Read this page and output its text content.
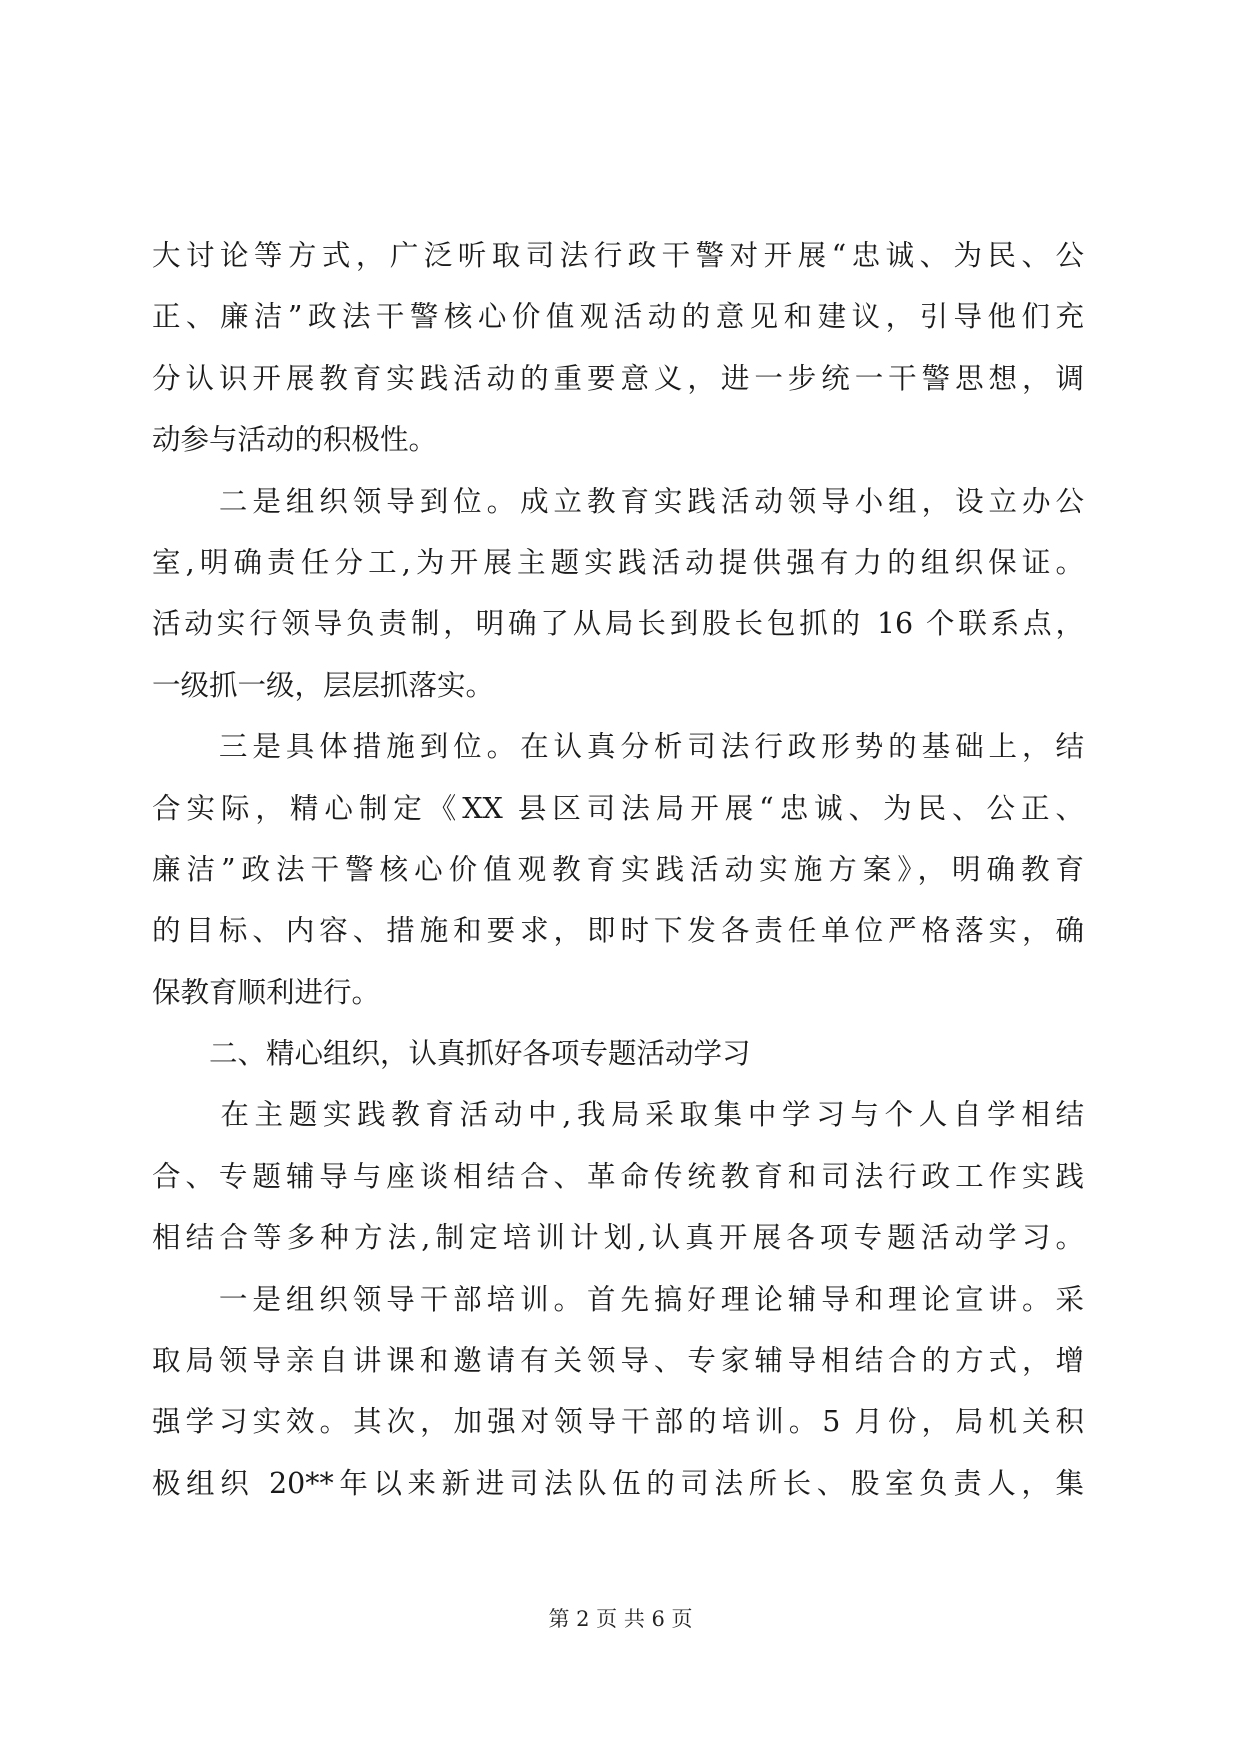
大讨论等方式，广泛听取司法行政干警对开展“忠诚、为民、公
正、廉洁”政法干警核心价值观活动的意见和建议，引导他们充
分认识开展教育实践活动的重要意义，进一步统一干警思想，调
动参与活动的积极性。
　　二是组织领导到位。成立教育实践活动领导小组，设立办公
室,明确责任分工,为开展主题实践活动提供强有力的组织保证。
活动实行领导负责制，明确了从局长到股长包抓的 16 个联系点，
一级抓一级，层层抓落实。
　　三是具体措施到位。在认真分析司法行政形势的基础上，结
合实际，精心制定《XX 县区司法局开展“忠诚、为民、公正、
廉洁”政法干警核心价值观教育实践活动实施方案》，明确教育
的目标、内容、措施和要求，即时下发各责任单位严格落实，确
保教育顺利进行。
　　二、精心组织，认真抓好各项专题活动学习
　　在主题实践教育活动中,我局采取集中学习与个人自学相结
合、专题辅导与座谈相结合、革命传统教育和司法行政工作实践
相结合等多种方法,制定培训计划,认真开展各项专题活动学习。
　　一是组织领导干部培训。首先搞好理论辅导和理论宣讲。采
取局领导亲自讲课和邀请有关领导、专家辅导相结合的方式，增
强学习实效。其次，加强对领导干部的培训。5 月份，局机关积
极组织 20**年以来新进司法队伍的司法所长、股室负责人，集
第 2 页 共 6 页
